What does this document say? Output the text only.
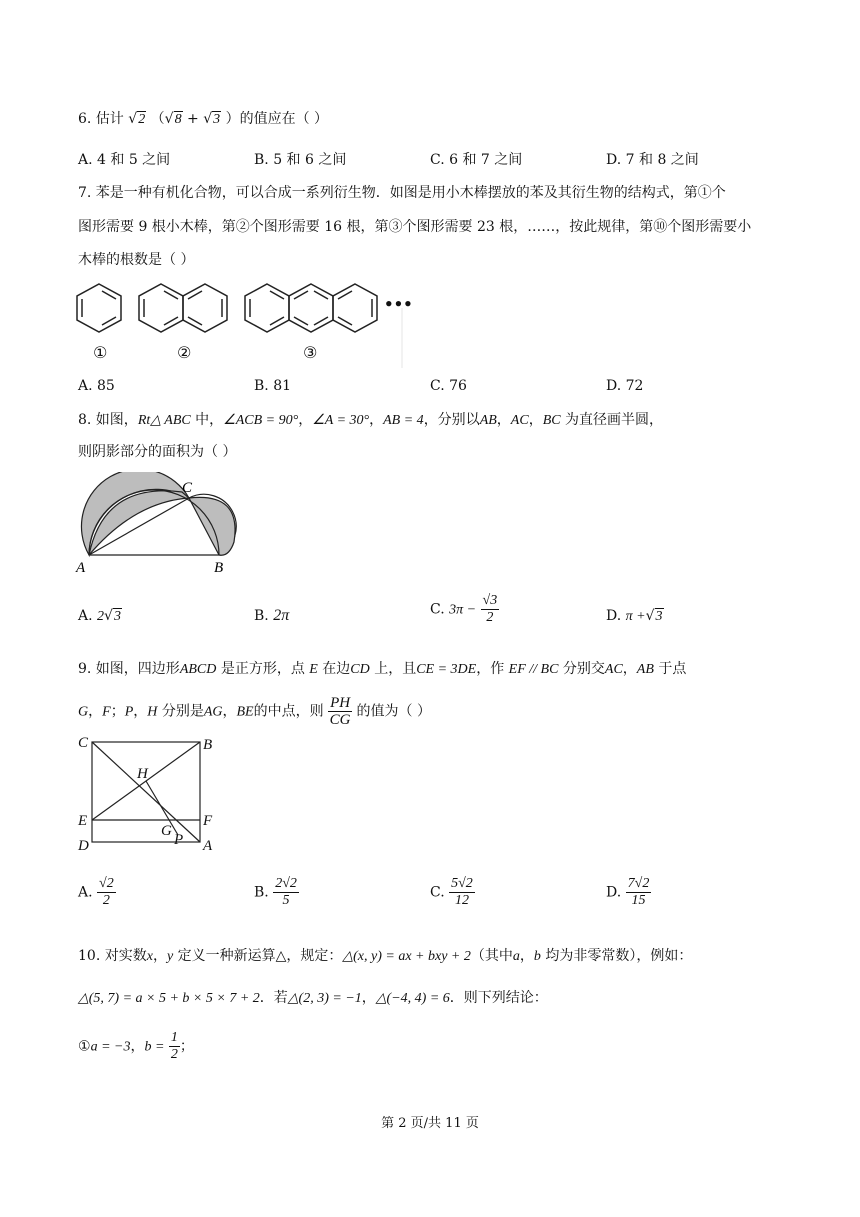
6. 估计 √2 （√8 + √3 ）的值应在（ ）
A. 4 和 5 之间	B. 5 和 6 之间	C. 6 和 7 之间	D. 7 和 8 之间
7. 苯是一种有机化合物，可以合成一系列衍生物．如图是用小木棒摆放的苯及其衍生物的结构式，第①个
图形需要 9 根小木棒，第②个图形需要 16 根，第③个图形需要 23 根，……，按此规律，第⑩个图形需要小
木棒的根数是（ ）
•••
①	②	③
A. 85	B. 81	C. 76	D. 72
8. 如图，Rt△ ABC 中，∠ACB = 90°，∠A = 30°，AB = 4，分别以AB，AC，BC 为直径画半圆，
则阴影部分的面积为（ ）
A	B
C
A. 2√3	B. 2π	C. $3\pi - \frac{√3}{2}$	D. π +√3
9. 如图，四边形ABCD 是正方形，点 E 在边CD 上，且CE = 3DE，作 EF // BC 分别交AC，AB 于点
G，F；P，H 分别是AG，BE的中点，则 $\frac{PH}{CG}$ 的值为（ ）
C	B
H
E	F
G
P
D	A
A. $\frac{√2}{2}$	B. $\frac{2√2}{5}$	C. $\frac{5√2}{12}$	D. $\frac{7√2}{15}$
10. 对实数x，y 定义一种新运算△，规定：△(x, y) = ax + bxy + 2（其中a，b 均为非零常数），例如：
△(5, 7) = a × 5 + b × 5 × 7 + 2．若△(2, 3) = −1，△(−4, 4) = 6．则下列结论：
①a = −3，$b = \frac{1}{2}$ ；
第 2 页/共 11 页
